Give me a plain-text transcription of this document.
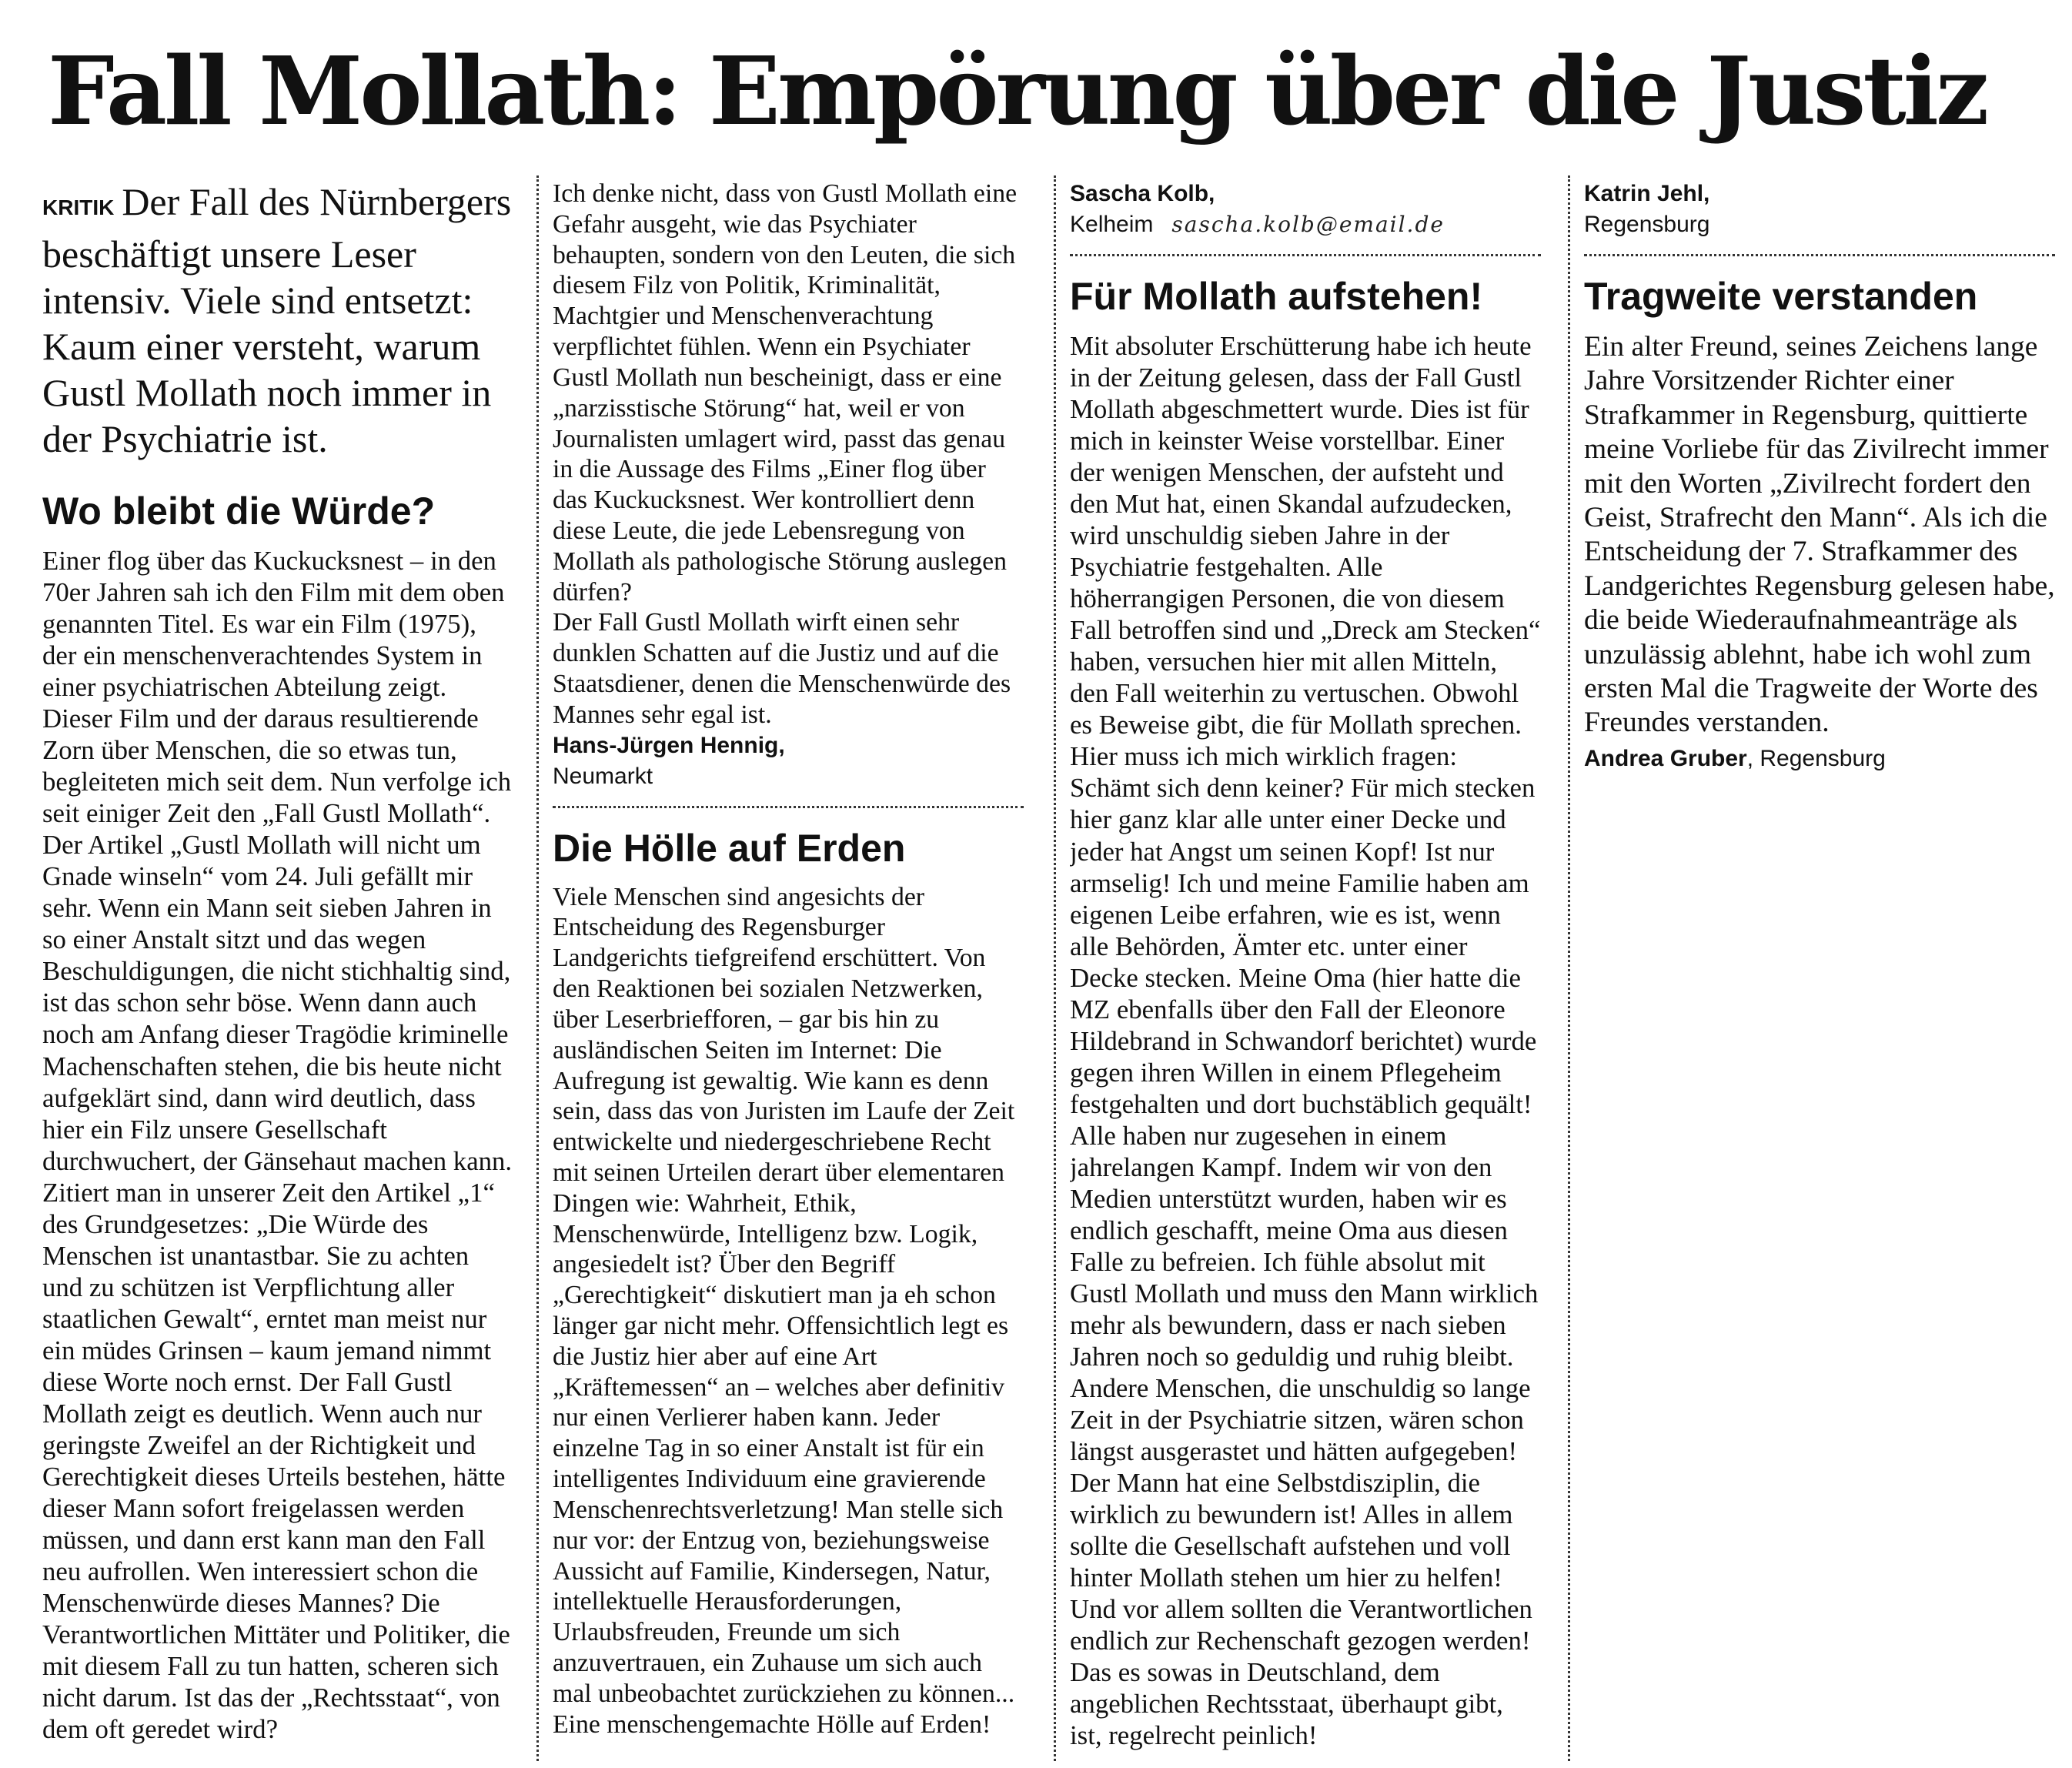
Fall Mollath: Empörung über die Justiz

KRITIK Der Fall des Nürnbergers beschäftigt unsere Leser intensiv. Viele sind entsetzt: Kaum einer versteht, warum Gustl Mollath noch immer in der Psychiatrie ist.

Wo bleibt die Würde?

Einer flog über das Kuckucksnest – in den 70er Jahren sah ich den Film mit dem oben genannten Titel. Es war ein Film (1975), der ein menschenverachtendes System in einer psychiatrischen Abteilung zeigt. Dieser Film und der daraus resultierende Zorn über Menschen, die so etwas tun, begleiteten mich seit dem. Nun verfolge ich seit einiger Zeit den „Fall Gustl Mollath“.

Der Artikel „Gustl Mollath will nicht um Gnade winseln“ vom 24. Juli gefällt mir sehr. Wenn ein Mann seit sieben Jahren in so einer Anstalt sitzt und das wegen Beschuldigungen, die nicht stichhaltig sind, ist das schon sehr böse. Wenn dann auch noch am Anfang dieser Tragödie kriminelle Machenschaften stehen, die bis heute nicht aufgeklärt sind, dann wird deutlich, dass hier ein Filz unsere Gesellschaft durchwuchert, der Gänsehaut machen kann. Zitiert man in unserer Zeit den Artikel „1“ des Grundgesetzes: „Die Würde des Menschen ist unantastbar. Sie zu achten und zu schützen ist Verpflichtung aller staatlichen Gewalt“, erntet man meist nur ein müdes Grinsen – kaum jemand nimmt diese Worte noch ernst. Der Fall Gustl Mollath zeigt es deutlich. Wenn auch nur geringste Zweifel an der Richtigkeit und Gerechtigkeit dieses Urteils bestehen, hätte dieser Mann sofort freigelassen werden müssen, und dann erst kann man den Fall neu aufrollen. Wen interessiert schon die Menschenwürde dieses Mannes? Die Verantwortlichen Mittäter und Politiker, die mit diesem Fall zu tun hatten, scheren sich nicht darum. Ist das der „Rechtsstaat“, von dem oft geredet wird?

Ich denke nicht, dass von Gustl Mollath eine Gefahr ausgeht, wie das Psychiater behaupten, sondern von den Leuten, die sich diesem Filz von Politik, Kriminalität, Machtgier und Menschenverachtung verpflichtet fühlen. Wenn ein Psychiater Gustl Mollath nun bescheinigt, dass er eine „narzisstische Störung“ hat, weil er von Journalisten umlagert wird, passt das genau in die Aussage des Films „Einer flog über das Kuckucksnest. Wer kontrolliert denn diese Leute, die jede Lebensregung von Mollath als pathologische Störung auslegen dürfen?

Der Fall Gustl Mollath wirft einen sehr dunklen Schatten auf die Justiz und auf die Staatsdiener, denen die Menschenwürde des Mannes sehr egal ist.

Hans-Jürgen Hennig,

Neumarkt

Die Hölle auf Erden

Viele Menschen sind angesichts der Entscheidung des Regensburger Landgerichts tiefgreifend erschüttert. Von den Reaktionen bei sozialen Netzwerken, über Leserbriefforen, – gar bis hin zu ausländischen Seiten im Internet: Die Aufregung ist gewaltig. Wie kann es denn sein, dass das von Juristen im Laufe der Zeit entwickelte und niedergeschriebene Recht mit seinen Urteilen derart über elementaren Dingen wie: Wahrheit, Ethik, Menschenwürde, Intelligenz bzw. Logik, angesiedelt ist? Über den Begriff „Gerechtigkeit“ diskutiert man ja eh schon länger gar nicht mehr. Offensichtlich legt es die Justiz hier aber auf eine Art „Kräftemessen“ an – welches aber definitiv nur einen Verlierer haben kann. Jeder einzelne Tag in so einer Anstalt ist für ein intelligentes Individuum eine gravierende Menschenrechtsverletzung! Man stelle sich nur vor: der Entzug von, beziehungsweise Aussicht auf Familie, Kindersegen, Natur, intellektuelle Herausforderungen, Urlaubsfreuden, Freunde um sich anzuvertrauen, ein Zuhause um sich auch mal unbeobachtet zurückziehen zu können... Eine menschengemachte Hölle auf Erden!

Sascha Kolb,

Kelheim sascha.kolb@email.de

Für Mollath aufstehen!

Mit absoluter Erschütterung habe ich heute in der Zeitung gelesen, dass der Fall Gustl Mollath abgeschmettert wurde. Dies ist für mich in keinster Weise vorstellbar. Einer der wenigen Menschen, der aufsteht und den Mut hat, einen Skandal aufzudecken, wird unschuldig sieben Jahre in der Psychiatrie festgehalten. Alle höherrangigen Personen, die von diesem Fall betroffen sind und „Dreck am Stecken“ haben, versuchen hier mit allen Mitteln, den Fall weiterhin zu vertuschen. Obwohl es Beweise gibt, die für Mollath sprechen.

Hier muss ich mich wirklich fragen: Schämt sich denn keiner? Für mich stecken hier ganz klar alle unter einer Decke und jeder hat Angst um seinen Kopf! Ist nur armselig! Ich und meine Familie haben am eigenen Leibe erfahren, wie es ist, wenn alle Behörden, Ämter etc. unter einer Decke stecken. Meine Oma (hier hatte die MZ ebenfalls über den Fall der Eleonore Hildebrand in Schwandorf berichtet) wurde gegen ihren Willen in einem Pflegeheim festgehalten und dort buchstäblich gequält! Alle haben nur zugesehen in einem jahrelangen Kampf. Indem wir von den Medien unterstützt wurden, haben wir es endlich geschafft, meine Oma aus diesen Falle zu befreien. Ich fühle absolut mit Gustl Mollath und muss den Mann wirklich mehr als bewundern, dass er nach sieben Jahren noch so geduldig und ruhig bleibt. Andere Menschen, die unschuldig so lange Zeit in der Psychiatrie sitzen, wären schon längst ausgerastet und hätten aufgegeben! Der Mann hat eine Selbstdisziplin, die wirklich zu bewundern ist! Alles in allem sollte die Gesellschaft aufstehen und voll hinter Mollath stehen um hier zu helfen! Und vor allem sollten die Verantwortlichen endlich zur Rechenschaft gezogen werden! Das es sowas in Deutschland, dem angeblichen Rechtsstaat, überhaupt gibt, ist, regelrecht peinlich!

Katrin Jehl,

Regensburg

Tragweite verstanden

Ein alter Freund, seines Zeichens lange Jahre Vorsitzender Richter einer Strafkammer in Regensburg, quittierte meine Vorliebe für das Zivilrecht immer mit den Worten „Zivilrecht fordert den Geist, Strafrecht den Mann“. Als ich die Entscheidung der 7. Strafkammer des Landgerichtes Regensburg gelesen habe, die beide Wiederaufnahmeanträge als unzulässig ablehnt, habe ich wohl zum ersten Mal die Tragweite der Worte des Freundes verstanden.

Andrea Gruber, Regensburg
